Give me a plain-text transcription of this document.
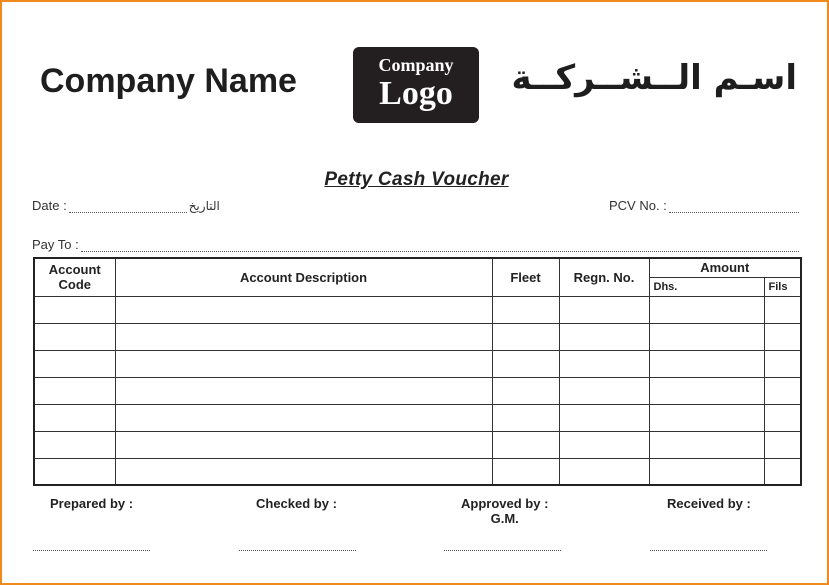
Company Name	Company
Logo	اسـم الــشــركــة
Petty Cash Voucher
Date :	التاريخ	PCV No. :
Pay To :
Account Code	Account Description	Fleet	Regn. No.	Amount	
				Dhs.	Fils

Prepared by :	Checked by :	Approved by :
G.M.
Received by :
